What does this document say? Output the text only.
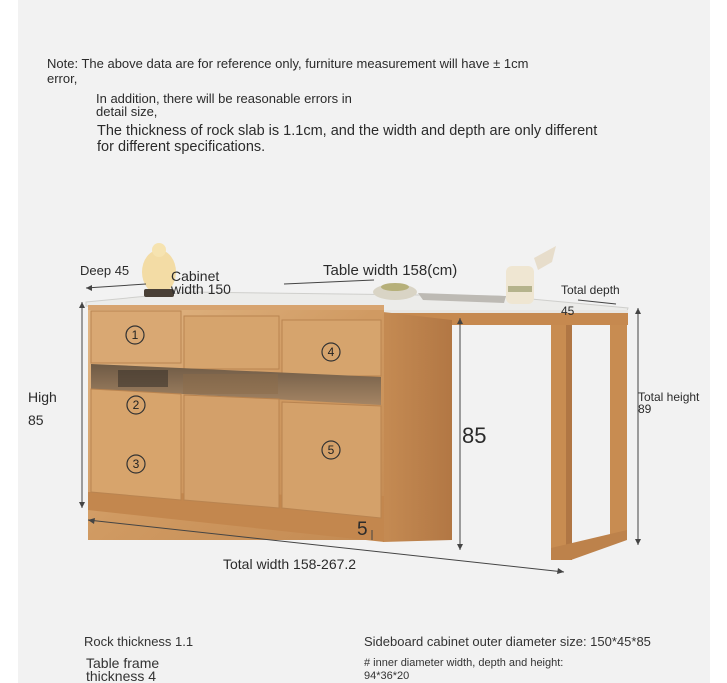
Note: The above data are for reference only, furniture measurement will have ± 1cm
error,
In addition, there will be reasonable errors in
detail size,
The thickness of rock slab is 1.1cm, and the width and depth are only different
for different specifications.
1
2
3
4
5
Deep 45	Cabinet
width 150
Table width 158(cm)
Total depth
45
High
85
85
Total height
89
5
Total width 158-267.2
Rock thickness 1.1
Table frame
thickness 4
Sideboard cabinet outer diameter size: 150*45*85
# inner diameter width, depth and height:
94*36*20
